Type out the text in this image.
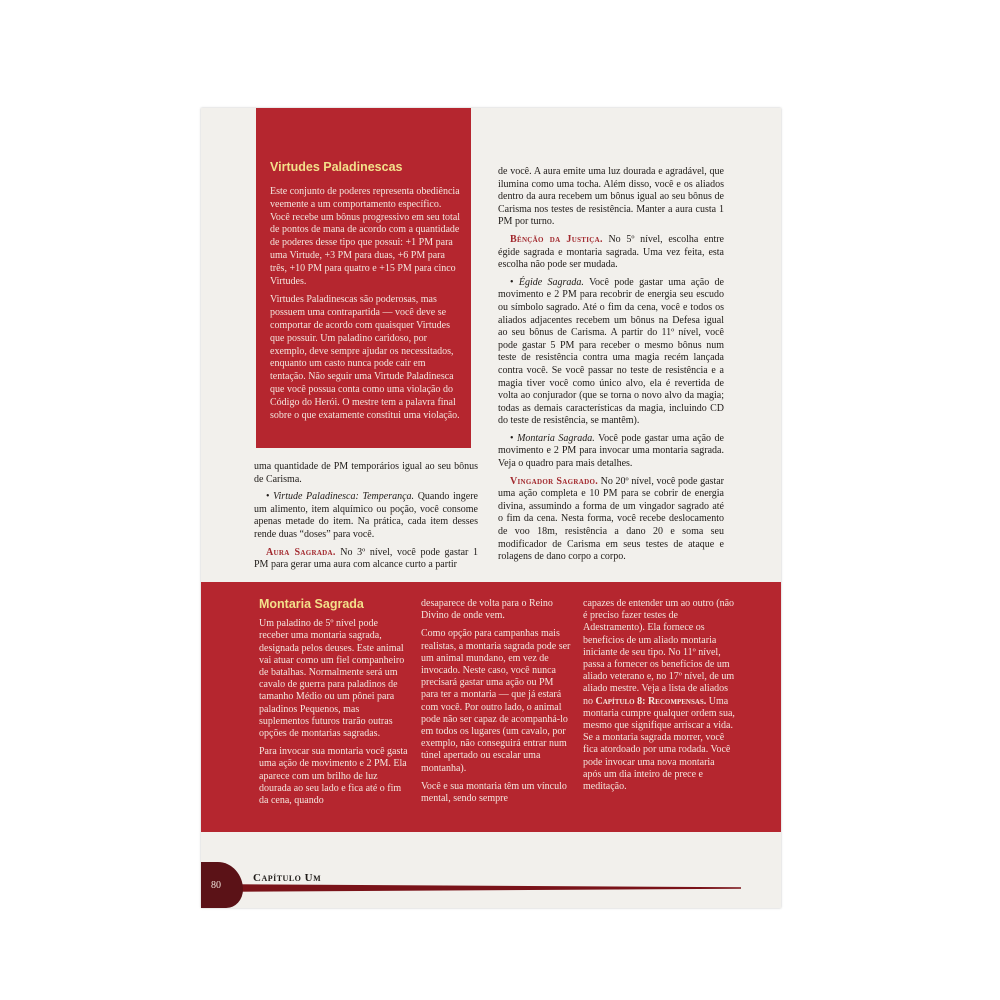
Virtudes Paladinescas

Este conjunto de poderes representa obediência veemente a um comportamento específico. Você recebe um bônus progressivo em seu total de pontos de mana de acordo com a quantidade de poderes desse tipo que possui: +1 PM para uma Virtude, +3 PM para duas, +6 PM para três, +10 PM para quatro e +15 PM para cinco Virtudes.

Virtudes Paladinescas são poderosas, mas possuem uma contrapartida — você deve se comportar de acordo com quaisquer Virtudes que possuir. Um paladino caridoso, por exemplo, deve sempre ajudar os necessitados, enquanto um casto nunca pode cair em tentação. Não seguir uma Virtude Paladinesca que você possua conta como uma violação do Código do Herói. O mestre tem a palavra final sobre o que exatamente constitui uma violação.

uma quantidade de PM temporários igual ao seu bônus de Carisma.

• Virtude Paladinesca: Temperança. Quando ingere um alimento, item alquímico ou poção, você consome apenas metade do item. Na prática, cada item desses rende duas “doses” para você.

Aura Sagrada. No 3º nível, você pode gastar 1 PM para gerar uma aura com alcance curto a partir

de você. A aura emite uma luz dourada e agradável, que ilumina como uma tocha. Além disso, você e os aliados dentro da aura recebem um bônus igual ao seu bônus de Carisma nos testes de resistência. Manter a aura custa 1 PM por turno.

Bênção da Justiça. No 5º nível, escolha entre égide sagrada e montaria sagrada. Uma vez feita, esta escolha não pode ser mudada.

• Égide Sagrada. Você pode gastar uma ação de movimento e 2 PM para recobrir de energia seu escudo ou símbolo sagrado. Até o fim da cena, você e todos os aliados adjacentes recebem um bônus na Defesa igual ao seu bônus de Carisma. A partir do 11º nível, você pode gastar 5 PM para receber o mesmo bônus num teste de resistência contra uma magia recém lançada contra você. Se você passar no teste de resistência e a magia tiver você como único alvo, ela é revertida de volta ao conjurador (que se torna o novo alvo da magia; todas as demais características da magia, incluindo CD do teste de resistência, se mantêm).

• Montaria Sagrada. Você pode gastar uma ação de movimento e 2 PM para invocar uma montaria sagrada. Veja o quadro para mais detalhes.

Vingador Sagrado. No 20º nível, você pode gastar uma ação completa e 10 PM para se cobrir de energia divina, assumindo a forma de um vingador sagrado até o fim da cena. Nesta forma, você recebe deslocamento de voo 18m, resistência a dano 20 e soma seu modificador de Carisma em seus testes de ataque e rolagens de dano corpo a corpo.

Montaria Sagrada

Um paladino de 5º nível pode receber uma montaria sagrada, designada pelos deuses. Este animal vai atuar como um fiel companheiro de batalhas. Normalmente será um cavalo de guerra para paladinos de tamanho Médio ou um pônei para paladinos Pequenos, mas suplementos futuros trarão outras opções de montarias sagradas.

Para invocar sua montaria você gasta uma ação de movimento e 2 PM. Ela aparece com um brilho de luz dourada ao seu lado e fica até o fim da cena, quando

desaparece de volta para o Reino Divino de onde vem.

Como opção para campanhas mais realistas, a montaria sagrada pode ser um animal mundano, em vez de invocado. Neste caso, você nunca precisará gastar uma ação ou PM para ter a montaria — que já estará com você. Por outro lado, o animal pode não ser capaz de acompanhá-lo em todos os lugares (um cavalo, por exemplo, não conseguirá entrar num túnel apertado ou escalar uma montanha).

Você e sua montaria têm um vínculo mental, sendo sempre

capazes de entender um ao outro (não é preciso fazer testes de Adestramento). Ela fornece os benefícios de um aliado montaria iniciante de seu tipo. No 11º nível, passa a fornecer os benefícios de um aliado veterano e, no 17º nível, de um aliado mestre. Veja a lista de aliados no Capítulo 8: Recompensas. Uma montaria cumpre qualquer ordem sua, mesmo que signifique arriscar a vida. Se a montaria sagrada morrer, você fica atordoado por uma rodada. Você pode invocar uma nova montaria após um dia inteiro de prece e meditação.

80
Capítulo Um
